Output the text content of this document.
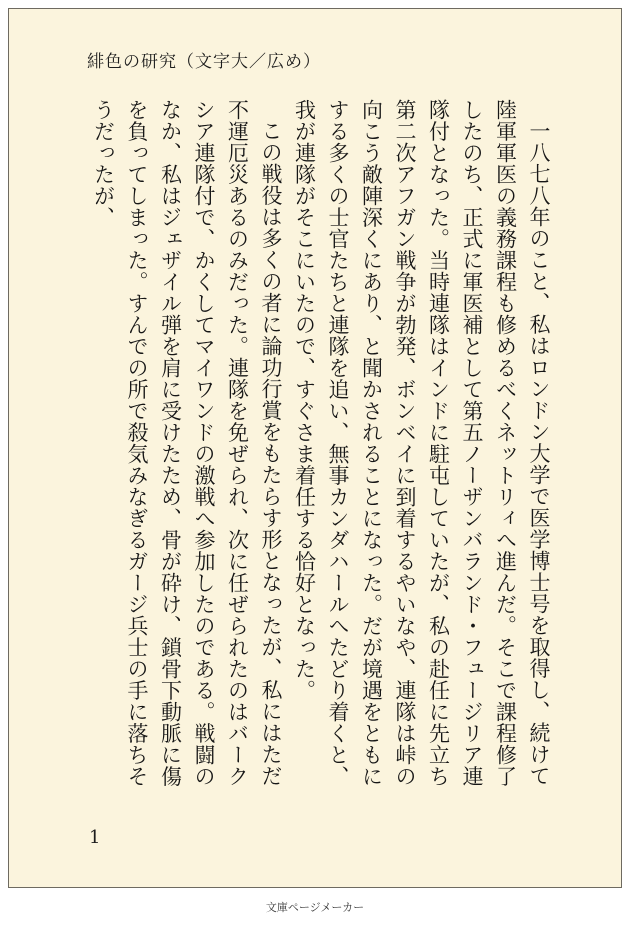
緋色の研究（文字大／広め）

一八七八年のこと、私はロンドン大学で医学博士号を取得し、続けて陸軍軍医の義務課程も修めるべくネットリィへ進んだ。そこで課程修了したのち、正式に軍医補として第五ノーザンバランド・フュージリア連隊付となった。当時連隊はインドに駐屯していたが、私の赴任に先立ち第二次アフガン戦争が勃発、ボンベイに到着するやいなや、連隊は峠の向こう敵陣深くにあり、と聞かされることになった。だが境遇をともにする多くの士官たちと連隊を追い、無事カンダハールへたどり着くと、我が連隊がそこにいたので、すぐさま着任する恰好となった。

この戦役は多くの者に論功行賞をもたらす形となったが、私にはただ不運厄災あるのみだった。連隊を免ぜられ、次に任ぜられたのはバークシア連隊付で、かくしてマイワンドの激戦へ参加したのである。戦闘のなか、私はジェザイル弾を肩に受けたため、骨が砕け、鎖骨下動脈に傷を負ってしまった。すんでの所で殺気みなぎるガージ兵士の手に落ちそうだったが、

1
文庫ページメーカー
